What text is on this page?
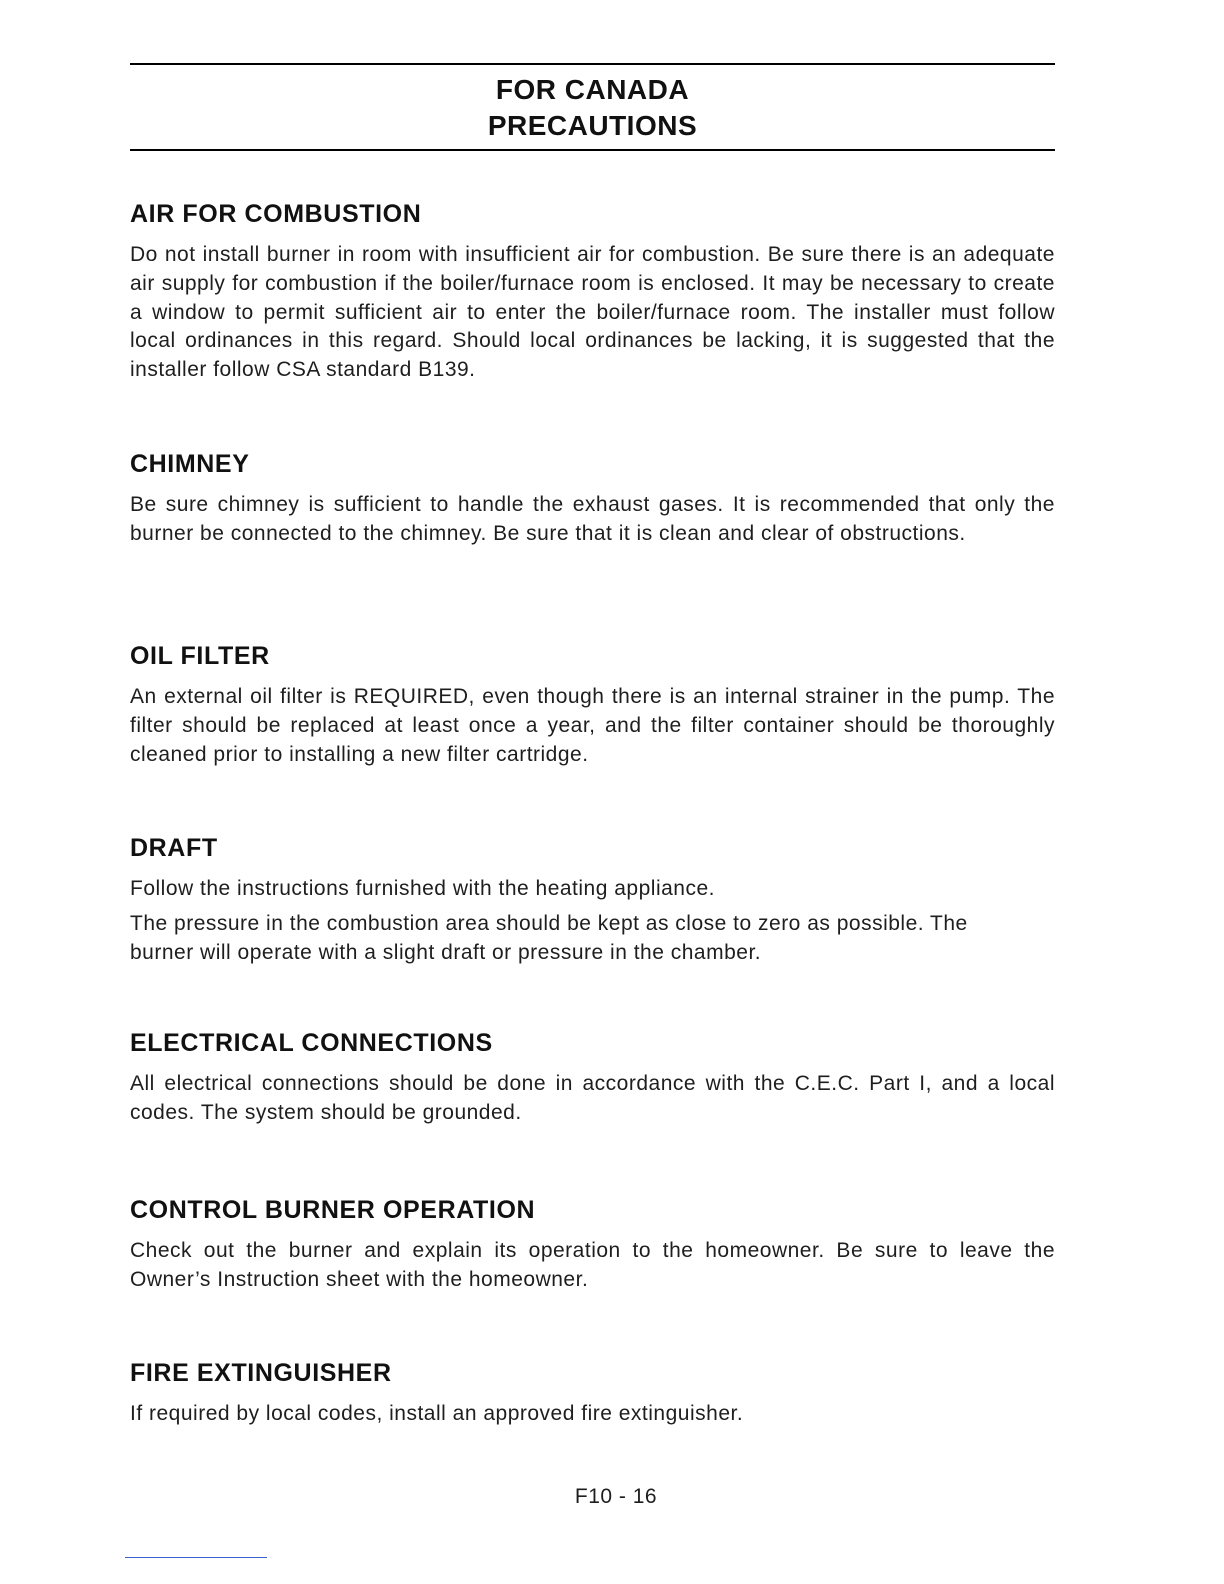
FOR CANADA
PRECAUTIONS
AIR FOR COMBUSTION

Do not install burner in room with insufficient air for combustion. Be sure there is an adequate air supply for combustion if the boiler/furnace room is enclosed. It may be necessary to create a window to permit sufficient air to enter the boiler/furnace room. The installer must follow local ordinances in this regard. Should local ordinances be lacking, it is suggested that the installer follow CSA standard B139.

CHIMNEY

Be sure chimney is sufficient to handle the exhaust gases. It is recommended that only the burner be connected to the chimney. Be sure that it is clean and clear of obstructions.

OIL FILTER

An external oil filter is REQUIRED, even though there is an internal strainer in the pump. The filter should be replaced at least once a year, and the filter container should be thoroughly cleaned prior to installing a new filter cartridge.

DRAFT

Follow the instructions furnished with the heating appliance.

The pressure in the combustion area should be kept as close to zero as possible. The burner will operate with a slight draft or pressure in the chamber.

ELECTRICAL CONNECTIONS

All electrical connections should be done in accordance with the C.E.C. Part I, and a local codes. The system should be grounded.

CONTROL BURNER OPERATION

Check out the burner and explain its operation to the homeowner. Be sure to leave the Owner’s Instruction sheet with the homeowner.

FIRE EXTINGUISHER

If required by local codes, install an approved fire extinguisher.

F10 - 16
